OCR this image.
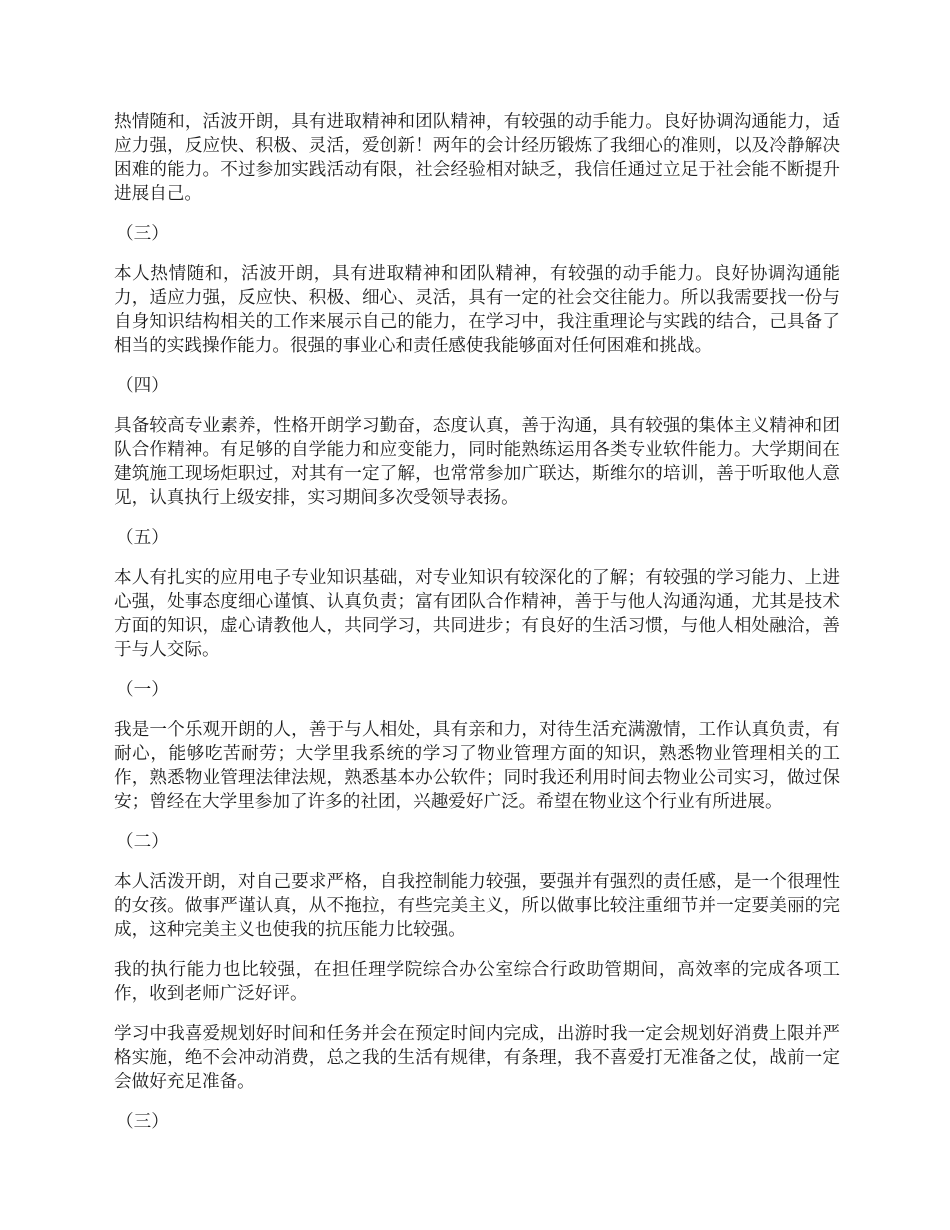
热情随和，活波开朗，具有进取精神和团队精神，有较强的动手能力。良好协调沟通能力，适应力强，反应快、积极、灵活，爱创新！两年的会计经历锻炼了我细心的准则，以及冷静解决困难的能力。不过参加实践活动有限，社会经验相对缺乏，我信任通过立足于社会能不断提升进展自己。

（三）

本人热情随和，活波开朗，具有进取精神和团队精神，有较强的动手能力。良好协调沟通能力，适应力强，反应快、积极、细心、灵活，具有一定的社会交往能力。所以我需要找一份与自身知识结构相关的工作来展示自己的能力，在学习中，我注重理论与实践的结合，己具备了相当的实践操作能力。很强的事业心和责任感使我能够面对任何困难和挑战。

（四）

具备较高专业素养，性格开朗学习勤奋，态度认真，善于沟通，具有较强的集体主义精神和团队合作精神。有足够的自学能力和应变能力，同时能熟练运用各类专业软件能力。大学期间在建筑施工现场炬职过，对其有一定了解，也常常参加广联达，斯维尔的培训，善于听取他人意见，认真执行上级安排，实习期间多次受领导表扬。

（五）

本人有扎实的应用电子专业知识基础，对专业知识有较深化的了解；有较强的学习能力、上进心强，处事态度细心谨慎、认真负责；富有团队合作精神，善于与他人沟通沟通，尤其是技术方面的知识，虚心请教他人，共同学习，共同进步；有良好的生活习惯，与他人相处融洽，善于与人交际。

（一）

我是一个乐观开朗的人，善于与人相处，具有亲和力，对待生活充满激情，工作认真负责，有耐心，能够吃苦耐劳；大学里我系统的学习了物业管理方面的知识，熟悉物业管理相关的工作，熟悉物业管理法律法规，熟悉基本办公软件；同时我还利用时间去物业公司实习，做过保安；曾经在大学里参加了许多的社团，兴趣爱好广泛。希望在物业这个行业有所进展。

（二）

本人活泼开朗，对自己要求严格，自我控制能力较强，要强并有强烈的责任感，是一个很理性的女孩。做事严谨认真，从不拖拉，有些完美主义，所以做事比较注重细节并一定要美丽的完成，这种完美主义也使我的抗压能力比较强。

我的执行能力也比较强，在担任理学院综合办公室综合行政助管期间，高效率的完成各项工作，收到老师广泛好评。

学习中我喜爱规划好时间和任务并会在预定时间内完成，出游时我一定会规划好消费上限并严格实施，绝不会冲动消费，总之我的生活有规律，有条理，我不喜爱打无准备之仗，战前一定会做好充足准备。

（三）
